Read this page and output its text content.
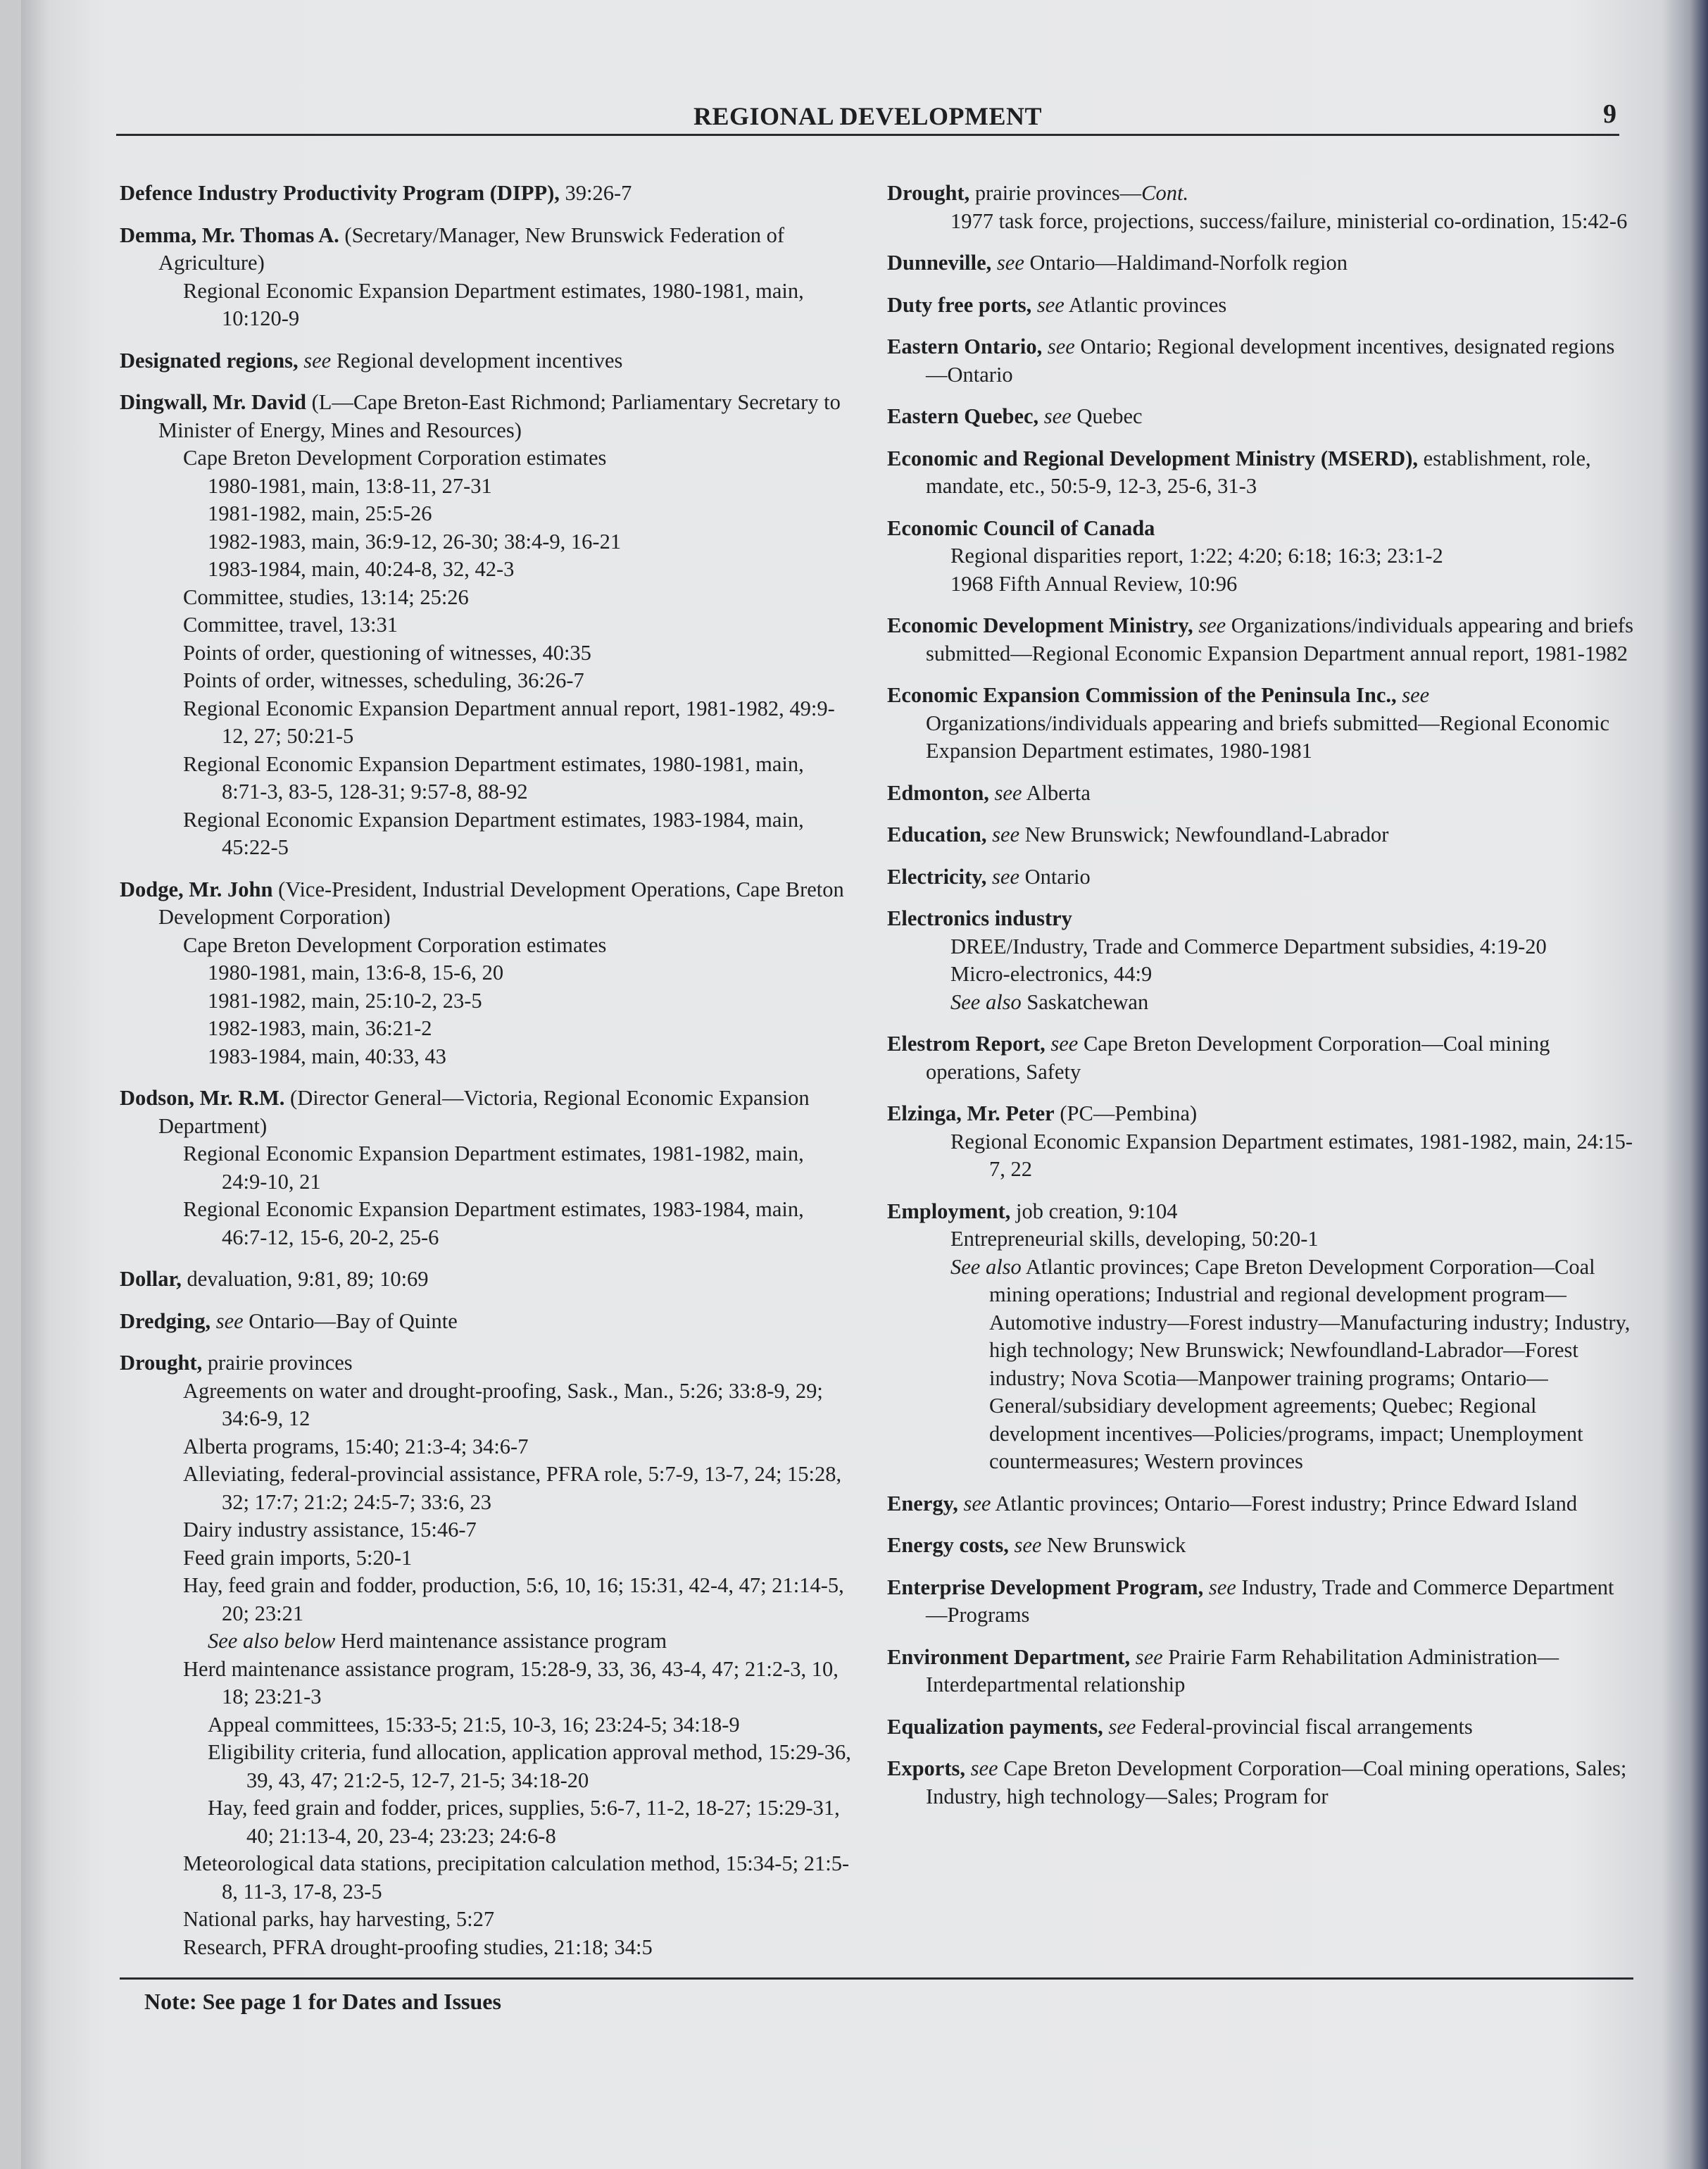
REGIONAL DEVELOPMENT	9
Defence Industry Productivity Program (DIPP), 39:26-7
Demma, Mr. Thomas A. (Secretary/Manager, New Brunswick Federation of Agriculture)
Regional Economic Expansion Department estimates, 1980-1981, main, 10:120-9
Designated regions, see Regional development incentives
Dingwall, Mr. David (L—Cape Breton-East Richmond; Parliamentary Secretary to Minister of Energy, Mines and Resources)
Cape Breton Development Corporation estimates
1980-1981, main, 13:8-11, 27-31
1981-1982, main, 25:5-26
1982-1983, main, 36:9-12, 26-30; 38:4-9, 16-21
1983-1984, main, 40:24-8, 32, 42-3
Committee, studies, 13:14; 25:26
Committee, travel, 13:31
Points of order, questioning of witnesses, 40:35
Points of order, witnesses, scheduling, 36:26-7
Regional Economic Expansion Department annual report, 1981-1982, 49:9-12, 27; 50:21-5
Regional Economic Expansion Department estimates, 1980-1981, main, 8:71-3, 83-5, 128-31; 9:57-8, 88-92
Regional Economic Expansion Department estimates, 1983-1984, main, 45:22-5
Dodge, Mr. John (Vice-President, Industrial Development Operations, Cape Breton Development Corporation)
Cape Breton Development Corporation estimates
1980-1981, main, 13:6-8, 15-6, 20
1981-1982, main, 25:10-2, 23-5
1982-1983, main, 36:21-2
1983-1984, main, 40:33, 43
Dodson, Mr. R.M. (Director General—Victoria, Regional Economic Expansion Department)
Regional Economic Expansion Department estimates, 1981-1982, main, 24:9-10, 21
Regional Economic Expansion Department estimates, 1983-1984, main, 46:7-12, 15-6, 20-2, 25-6
Dollar, devaluation, 9:81, 89; 10:69
Dredging, see Ontario—Bay of Quinte
Drought, prairie provinces
Agreements on water and drought-proofing, Sask., Man., 5:26; 33:8-9, 29; 34:6-9, 12
Alberta programs, 15:40; 21:3-4; 34:6-7
Alleviating, federal-provincial assistance, PFRA role, 5:7-9, 13-7, 24; 15:28, 32; 17:7; 21:2; 24:5-7; 33:6, 23
Dairy industry assistance, 15:46-7
Feed grain imports, 5:20-1
Hay, feed grain and fodder, production, 5:6, 10, 16; 15:31, 42-4, 47; 21:14-5, 20; 23:21
See also below Herd maintenance assistance program
Herd maintenance assistance program, 15:28-9, 33, 36, 43-4, 47; 21:2-3, 10, 18; 23:21-3
Appeal committees, 15:33-5; 21:5, 10-3, 16; 23:24-5; 34:18-9
Eligibility criteria, fund allocation, application approval method, 15:29-36, 39, 43, 47; 21:2-5, 12-7, 21-5; 34:18-20
Hay, feed grain and fodder, prices, supplies, 5:6-7, 11-2, 18-27; 15:29-31, 40; 21:13-4, 20, 23-4; 23:23; 24:6-8
Meteorological data stations, precipitation calculation method, 15:34-5; 21:5-8, 11-3, 17-8, 23-5
National parks, hay harvesting, 5:27
Research, PFRA drought-proofing studies, 21:18; 34:5
Drought, prairie provinces—Cont.
1977 task force, projections, success/failure, ministerial co-ordination, 15:42-6
Dunneville, see Ontario—Haldimand-Norfolk region
Duty free ports, see Atlantic provinces
Eastern Ontario, see Ontario; Regional development incentives, designated regions—Ontario
Eastern Quebec, see Quebec
Economic and Regional Development Ministry (MSERD), establishment, role, mandate, etc., 50:5-9, 12-3, 25-6, 31-3
Economic Council of Canada
Regional disparities report, 1:22; 4:20; 6:18; 16:3; 23:1-2
1968 Fifth Annual Review, 10:96
Economic Development Ministry, see Organizations/individuals appearing and briefs submitted—Regional Economic Expansion Department annual report, 1981-1982
Economic Expansion Commission of the Peninsula Inc., see Organizations/individuals appearing and briefs submitted—Regional Economic Expansion Department estimates, 1980-1981
Edmonton, see Alberta
Education, see New Brunswick; Newfoundland-Labrador
Electricity, see Ontario
Electronics industry
DREE/Industry, Trade and Commerce Department subsidies, 4:19-20
Micro-electronics, 44:9
See also Saskatchewan
Elestrom Report, see Cape Breton Development Corporation—Coal mining operations, Safety
Elzinga, Mr. Peter (PC—Pembina)
Regional Economic Expansion Department estimates, 1981-1982, main, 24:15-7, 22
Employment, job creation, 9:104
Entrepreneurial skills, developing, 50:20-1
See also Atlantic provinces; Cape Breton Development Corporation—Coal mining operations; Industrial and regional development program—Automotive industry—Forest industry—Manufacturing industry; Industry, high technology; New Brunswick; Newfoundland-Labrador—Forest industry; Nova Scotia—Manpower training programs; Ontario—General/subsidiary development agreements; Quebec; Regional development incentives—Policies/programs, impact; Unemployment countermeasures; Western provinces
Energy, see Atlantic provinces; Ontario—Forest industry; Prince Edward Island
Energy costs, see New Brunswick
Enterprise Development Program, see Industry, Trade and Commerce Department—Programs
Environment Department, see Prairie Farm Rehabilitation Administration—Interdepartmental relationship
Equalization payments, see Federal-provincial fiscal arrangements
Exports, see Cape Breton Development Corporation—Coal mining operations, Sales; Industry, high technology—Sales; Program for
Note: See page 1 for Dates and Issues
